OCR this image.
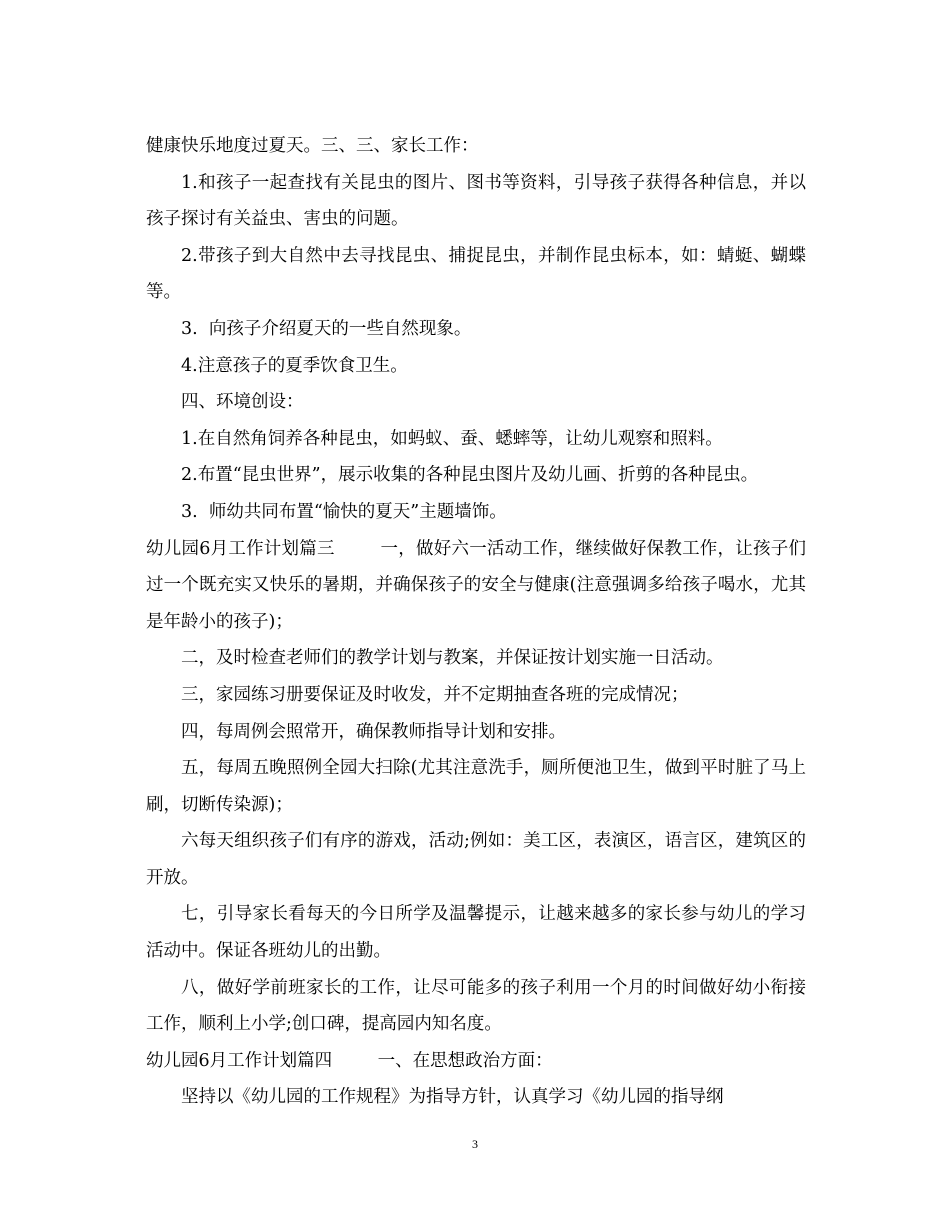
健康快乐地度过夏天。三、三、家长工作：

1.和孩子一起查找有关昆虫的图片、图书等资料，引导孩子获得各种信息，并以孩子探讨有关益虫、害虫的问题。

2.带孩子到大自然中去寻找昆虫、捕捉昆虫，并制作昆虫标本，如：蜻蜓、蝴蝶等。

3.  向孩子介绍夏天的一些自然现象。

4.注意孩子的夏季饮食卫生。

四、环境创设：

1.在自然角饲养各种昆虫，如蚂蚁、蚕、蟋蟀等，让幼儿观察和照料。

2.布置“昆虫世界”，展示收集的各种昆虫图片及幼儿画、折剪的各种昆虫。

3.  师幼共同布置“愉快的夏天”主题墙饰。

幼儿园6月工作计划篇三	一，做好六一活动工作，继续做好保教工作，让孩子们过一个既充实又快乐的暑期，并确保孩子的安全与健康(注意强调多给孩子喝水，尤其是年龄小的孩子)；

二，及时检查老师们的教学计划与教案，并保证按计划实施一日活动。

三，家园练习册要保证及时收发，并不定期抽查各班的完成情况；

四，每周例会照常开，确保教师指导计划和安排。

五，每周五晚照例全园大扫除(尤其注意洗手，厕所便池卫生，做到平时脏了马上刷，切断传染源)；

六每天组织孩子们有序的游戏，活动;例如：美工区，表演区，语言区，建筑区的开放。

七，引导家长看每天的今日所学及温馨提示，让越来越多的家长参与幼儿的学习活动中。保证各班幼儿的出勤。

八，做好学前班家长的工作，让尽可能多的孩子利用一个月的时间做好幼小衔接工作，顺利上小学;创口碑，提高园内知名度。

幼儿园6月工作计划篇四	一、在思想政治方面：

坚持以《幼儿园的工作规程》为指导方针，认真学习《幼儿园的指导纲

3
